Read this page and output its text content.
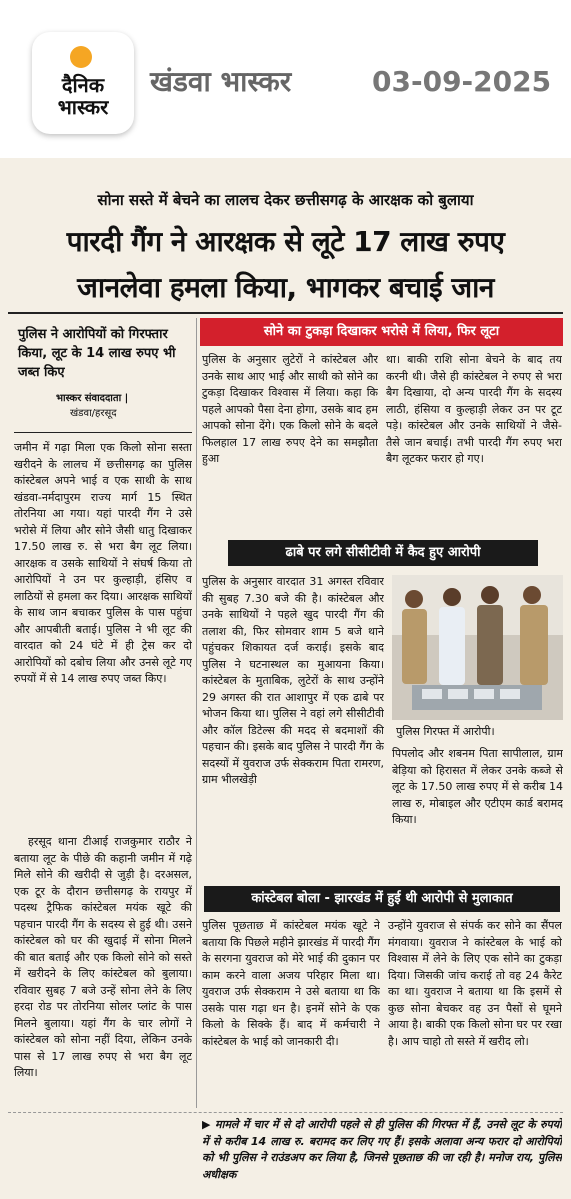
दैनिक
भास्कर
खंडवा भास्कर	03-09-2025
सोना सस्ते में बेचने का लालच देकर छत्तीसगढ़ के आरक्षक को बुलाया
पारदी गैंग ने आरक्षक से लूटे 17 लाख रुपए
जानलेवा हमला किया, भागकर बचाई जान
पुलिस ने आरोपियों को गिरफ्तार किया, लूट के 14 लाख रुपए भी जब्त किए
भास्कर संवाददाता |
खंडवा/हरसूद
जमीन में गढ़ा मिला एक किलो सोना सस्ता खरीदने के लालच में छत्तीसगढ़ का पुलिस कांस्टेबल अपने भाई व एक साथी के साथ खंडवा-नर्मदापुरम राज्य मार्ग 15 स्थित तोरनिया आ गया। यहां पारदी गैंग ने उसे भरोसे में लिया और सोने जैसी धातु दिखाकर 17.50 लाख रु. से भरा बैग लूट लिया। आरक्षक व उसके साथियों ने संघर्ष किया तो आरोपियों ने उन पर कुल्हाड़ी, हंसिए व लाठियों से हमला कर दिया। आरक्षक साथियों के साथ जान बचाकर पुलिस के पास पहुंचा और आपबीती बताई। पुलिस ने भी लूट की वारदात को 24 घंटे में ही ट्रेस कर दो आरोपियों को दबोच लिया और उनसे लूटे गए रुपयों में से 14 लाख रुपए जब्त किए।
हरसूद थाना टीआई राजकुमार राठौर ने बताया लूट के पीछे की कहानी जमीन में गढ़े मिले सोने की खरीदी से जुड़ी है। दरअसल, एक टूर के दौरान छत्तीसगढ़ के रायपुर में पदस्थ ट्रैफिक कांस्टेबल मयंक खूटे की पहचान पारदी गैंग के सदस्य से हुई थी। उसने कांस्टेबल को घर की खुदाई में सोना मिलने की बात बताई और एक किलो सोने को सस्ते में खरीदने के लिए कांस्टेबल को बुलाया। रविवार सुबह 7 बजे उन्हें सोना लेने के लिए हरदा रोड पर तोरनिया सोलर प्लांट के पास मिलने बुलाया। यहां गैंग के चार लोगों ने कांस्टेबल को सोना नहीं दिया, लेकिन उनके पास से 17 लाख रुपए से भरा बैग लूट लिया।
सोने का टुकड़ा दिखाकर भरोसे में लिया, फिर लूटा
पुलिस के अनुसार लुटेरों ने कांस्टेबल और उनके साथ आए भाई और साथी को सोने का टुकड़ा दिखाकर विश्वास में लिया। कहा कि पहले आपको पैसा देना होगा, उसके बाद हम आपको सोना देंगे। एक किलो सोने के बदले फिलहाल 17 लाख रुपए देने का समझौता हुआ
था। बाकी राशि सोना बेचने के बाद तय करनी थी। जैसे ही कांस्टेबल ने रुपए से भरा बैग दिखाया, दो अन्य पारदी गैंग के सदस्य लाठी, हंसिया व कुल्हाड़ी लेकर उन पर टूट पड़े। कांस्टेबल और उनके साथियों ने जैसे-तैसे जान बचाई। तभी पारदी गैंग रुपए भरा बैग लूटकर फरार हो गए।
ढाबे पर लगे सीसीटीवी में कैद हुए आरोपी
पुलिस के अनुसार वारदात 31 अगस्त रविवार की सुबह 7.30 बजे की है। कांस्टेबल और उनके साथियों ने पहले खुद पारदी गैंग की तलाश की, फिर सोमवार शाम 5 बजे थाने पहुंचकर शिकायत दर्ज कराई। इसके बाद पुलिस ने घटनास्थल का मुआयना किया। कांस्टेबल के मुताबिक, लुटेरों के साथ उन्होंने 29 अगस्त की रात आशापुर में एक ढाबे पर भोजन किया था। पुलिस ने वहां लगे सीसीटीवी और कॉल डिटेल्स की मदद से बदमाशों की पहचान की। इसके बाद पुलिस ने पारदी गैंग के सदस्यों में युवराज उर्फ सेक्कराम पिता रामरण, ग्राम भीलखेड़ी
पुलिस गिरफ्त में आरोपी।
पिपलोद और शबनम पिता सापीलाल, ग्राम बेड़िया को हिरासत में लेकर उनके कब्जे से लूट के 17.50 लाख रुपए में से करीब 14 लाख रु, मोबाइल और एटीएम कार्ड बरामद किया।
कांस्टेबल बोला - झारखंड में हुई थी आरोपी से मुलाकात
पुलिस पूछताछ में कांस्टेबल मयंक खूटे ने बताया कि पिछले महीने झारखंड में पारदी गैंग के सरगना युवराज को मेरे भाई की दुकान पर काम करने वाला अजय परिहार मिला था। युवराज उर्फ सेक्कराम ने उसे बताया था कि उसके पास गढ़ा धन है। इनमें सोने के एक किलो के सिक्के हैं। बाद में कर्मचारी ने कांस्टेबल के भाई को जानकारी दी।
उन्होंने युवराज से संपर्क कर सोने का सैंपल मंगवाया। युवराज ने कांस्टेबल के भाई को विश्वास में लेने के लिए एक सोने का टुकड़ा दिया। जिसकी जांच कराई तो वह 24 कैरेट का था। युवराज ने बताया था कि इसमें से कुछ सोना बेचकर वह उन पैसों से घूमने आया है। बाकी एक किलो सोना घर पर रखा है। आप चाहो तो सस्ते में खरीद लो।
▶ मामले में चार में से दो आरोपी पहले से ही पुलिस की गिरफ्त में हैं, उनसे लूट के रुपयों में से करीब 14 लाख रु. बरामद कर लिए गए हैं। इसके अलावा अन्य फरार दो आरोपियों को भी पुलिस ने राउंडअप कर लिया है, जिनसे पूछताछ की जा रही है। मनोज राय, पुलिस अधीक्षक
